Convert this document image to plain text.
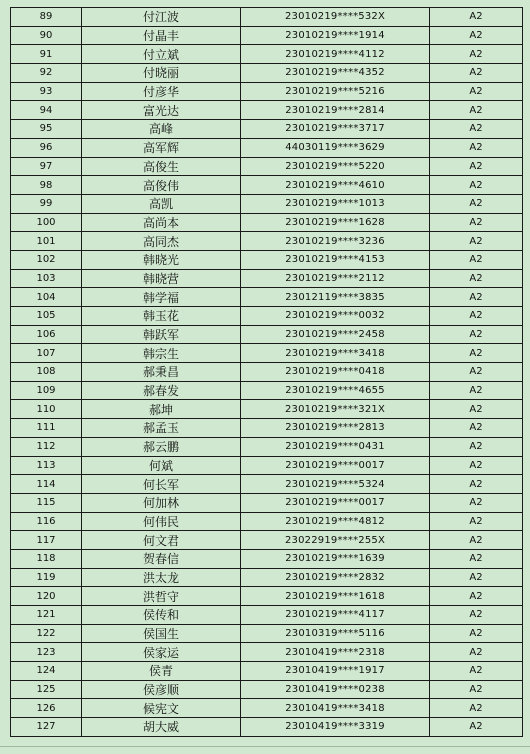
89	付江波	23010219****532X	A2
90	付晶丰	23010219****1914	A2
91	付立斌	23010219****4112	A2
92	付晓丽	23010219****4352	A2
93	付彦华	23010219****5216	A2
94	富光达	23010219****2814	A2
95	高峰	23010219****3717	A2
96	高军辉	44030119****3629	A2
97	高俊生	23010219****5220	A2
98	高俊伟	23010219****4610	A2
99	高凯	23010219****1013	A2
100	高尚本	23010219****1628	A2
101	高同杰	23010219****3236	A2
102	韩晓光	23010219****4153	A2
103	韩晓营	23010219****2112	A2
104	韩学福	23012119****3835	A2
105	韩玉花	23010219****0032	A2
106	韩跃军	23010219****2458	A2
107	韩宗生	23010219****3418	A2
108	郝秉昌	23010219****0418	A2
109	郝春发	23010219****4655	A2
110	郝坤	23010219****321X	A2
111	郝孟玉	23010219****2813	A2
112	郝云鹏	23010219****0431	A2
113	何斌	23010219****0017	A2
114	何长军	23010219****5324	A2
115	何加林	23010219****0017	A2
116	何伟民	23010219****4812	A2
117	何文君	23022919****255X	A2
118	贺春信	23010219****1639	A2
119	洪太龙	23010219****2832	A2
120	洪哲守	23010219****1618	A2
121	侯传和	23010219****4117	A2
122	侯国生	23010319****5116	A2
123	侯家运	23010419****2318	A2
124	侯青	23010419****1917	A2
125	侯彦顺	23010419****0238	A2
126	候宪文	23010419****3418	A2
127	胡大威	23010419****3319	A2
